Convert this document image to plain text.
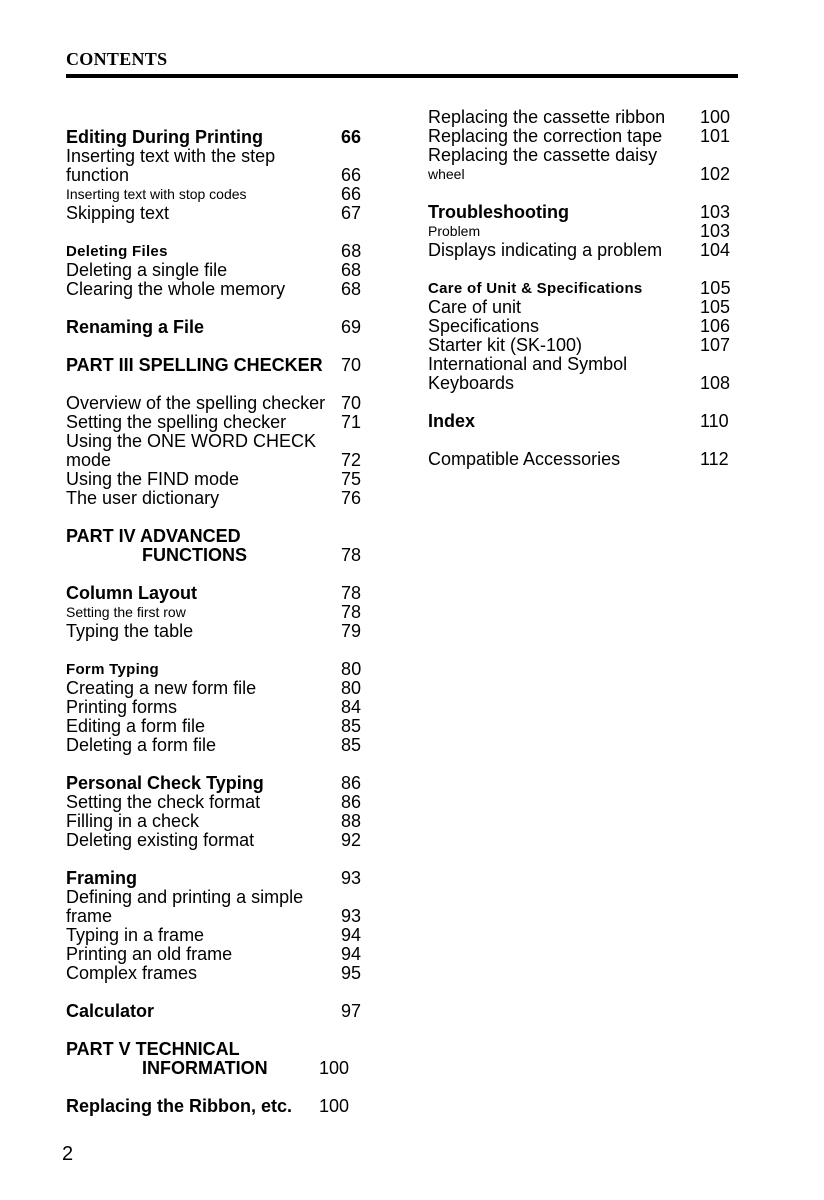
CONTENTS
Editing During Printing	66
Inserting text with the step function	66
Inserting text with stop codes	66
Skipping text	67
Deleting Files	68
Deleting a single file	68
Clearing the whole memory	68
Renaming a File	69
PART III SPELLING CHECKER	70
Overview of the spelling checker 70
Setting the spelling checker	71
Using the ONE WORD CHECK
mode	72
Using the FIND mode	75
The user dictionary	76
PART IV ADVANCED
FUNCTIONS	78
Column Layout	78
Setting the first row	78
Typing the table	79
Form Typing	80
Creating a new form file	80
Printing forms	84
Editing a form file	85
Deleting a form file	85
Personal Check Typing	86
Setting the check format	86
Filling in a check	88
Deleting existing format	92
Framing	93
Defining and printing a simple
frame	93
Typing in a frame	94
Printing an old frame	94
Complex frames	95
Calculator	97
PART V TECHNICAL
INFORMATION	100
Replacing the Ribbon, etc.	100
Replacing the cassette ribbon	100
Replacing the correction tape	101
Replacing the cassette daisy
wheel	102
Troubleshooting	103
Problem	103
Displays indicating a problem	104
Care of Unit & Specifications	105
Care of unit	105
Specifications	106
Starter kit (SK-100)	107
International and Symbol
Keyboards	108
Index	110
Compatible Accessories	112
2
